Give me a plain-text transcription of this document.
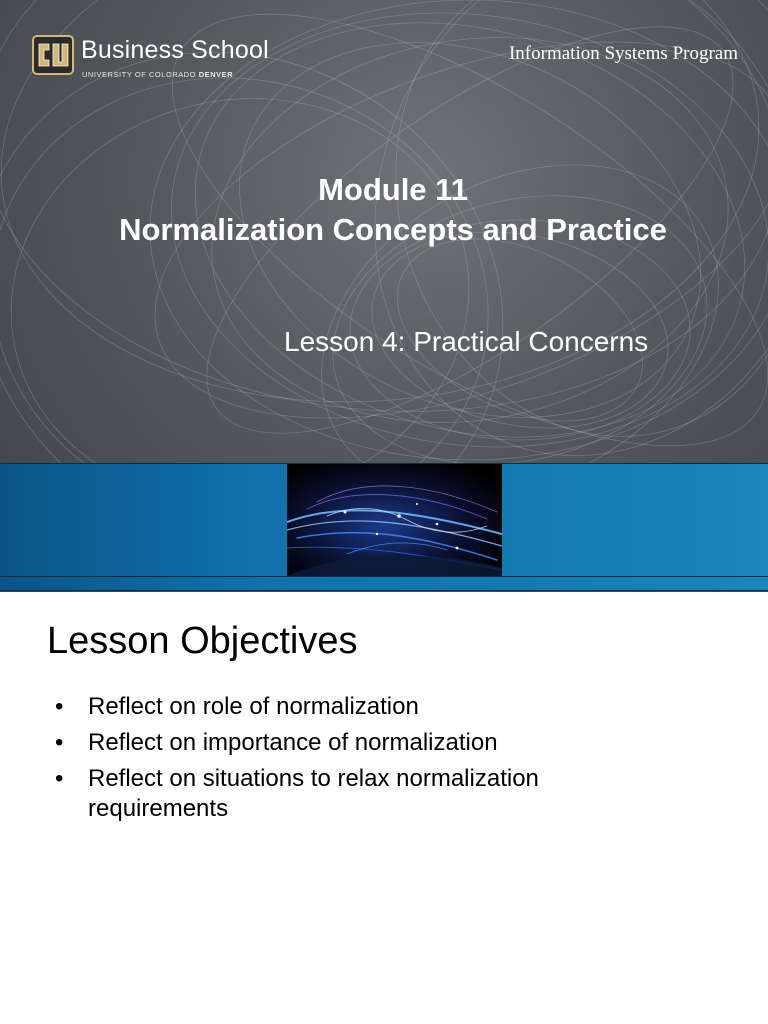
Business School
UNIVERSITY OF COLORADO DENVER
Information Systems Program
Module 11
Normalization Concepts and Practice
Lesson 4: Practical Concerns
Lesson Objectives
• Reflect on role of normalization
• Reflect on importance of normalization
• Reflect on situations to relax normalization requirements
